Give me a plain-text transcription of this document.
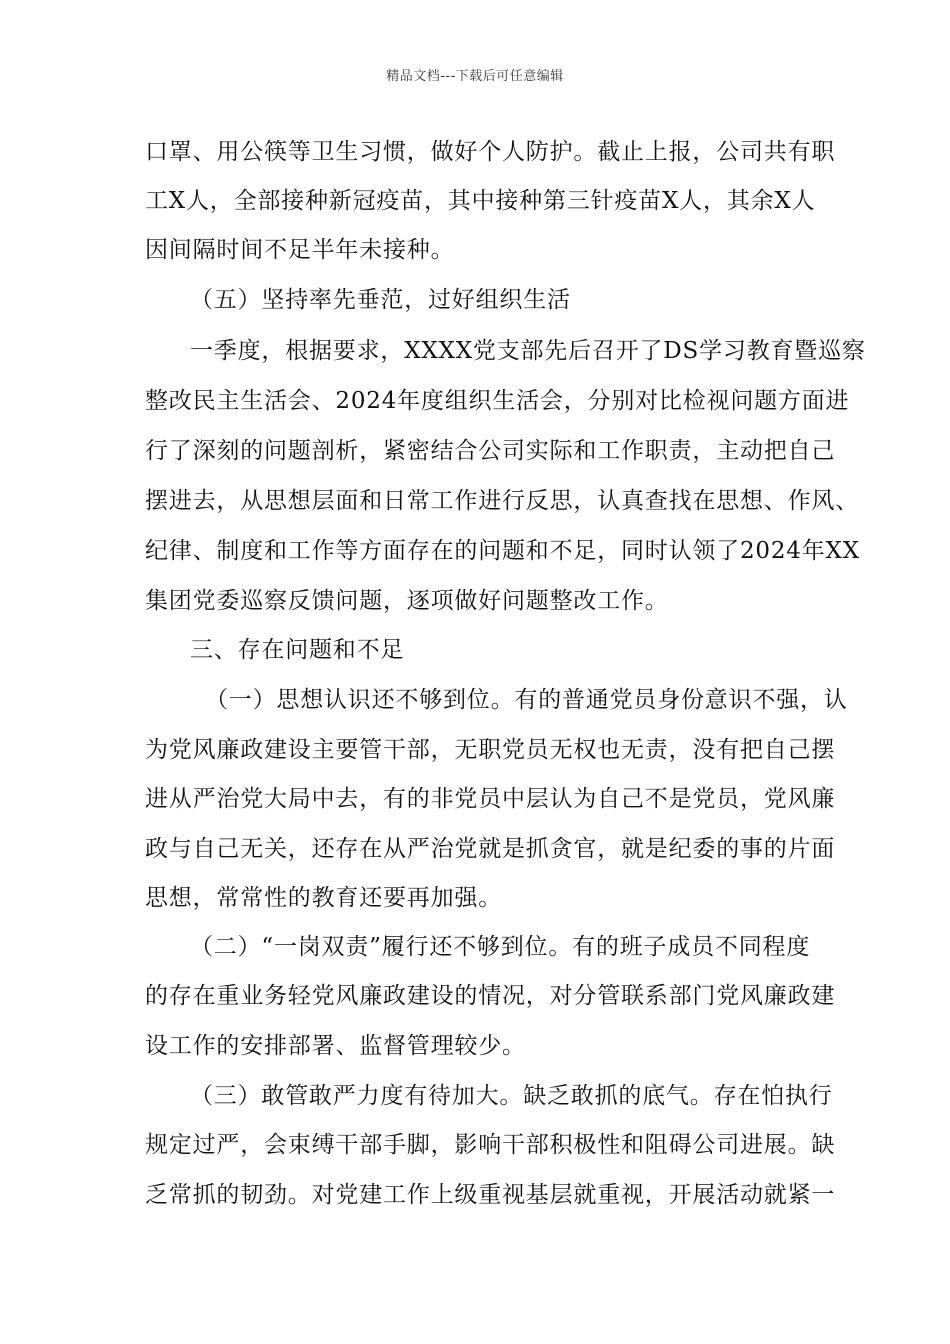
精品文档---下载后可任意编辑
口罩、用公筷等卫生习惯，做好个人防护。截止上报，公司共有职
工X人，全部接种新冠疫苗，其中接种第三针疫苗X人，其余X人
因间隔时间不足半年未接种。
（五）坚持率先垂范，过好组织生活
一季度，根据要求，XXXX党支部先后召开了DS学习教育暨巡察
整改民主生活会、2024年度组织生活会，分别对比检视问题方面进
行了深刻的问题剖析，紧密结合公司实际和工作职责，主动把自己
摆进去，从思想层面和日常工作进行反思，认真查找在思想、作风、
纪律、制度和工作等方面存在的问题和不足，同时认领了2024年XX
集团党委巡察反馈问题，逐项做好问题整改工作。
三、存在问题和不足
（一）思想认识还不够到位。有的普通党员身份意识不强，认
为党风廉政建设主要管干部，无职党员无权也无责，没有把自己摆
进从严治党大局中去，有的非党员中层认为自己不是党员，党风廉
政与自己无关，还存在从严治党就是抓贪官，就是纪委的事的片面
思想，常常性的教育还要再加强。
（二）“一岗双责”履行还不够到位。有的班子成员不同程度
的存在重业务轻党风廉政建设的情况，对分管联系部门党风廉政建
设工作的安排部署、监督管理较少。
（三）敢管敢严力度有待加大。缺乏敢抓的底气。存在怕执行
规定过严，会束缚干部手脚，影响干部积极性和阻碍公司进展。缺
乏常抓的韧劲。对党建工作上级重视基层就重视，开展活动就紧一
